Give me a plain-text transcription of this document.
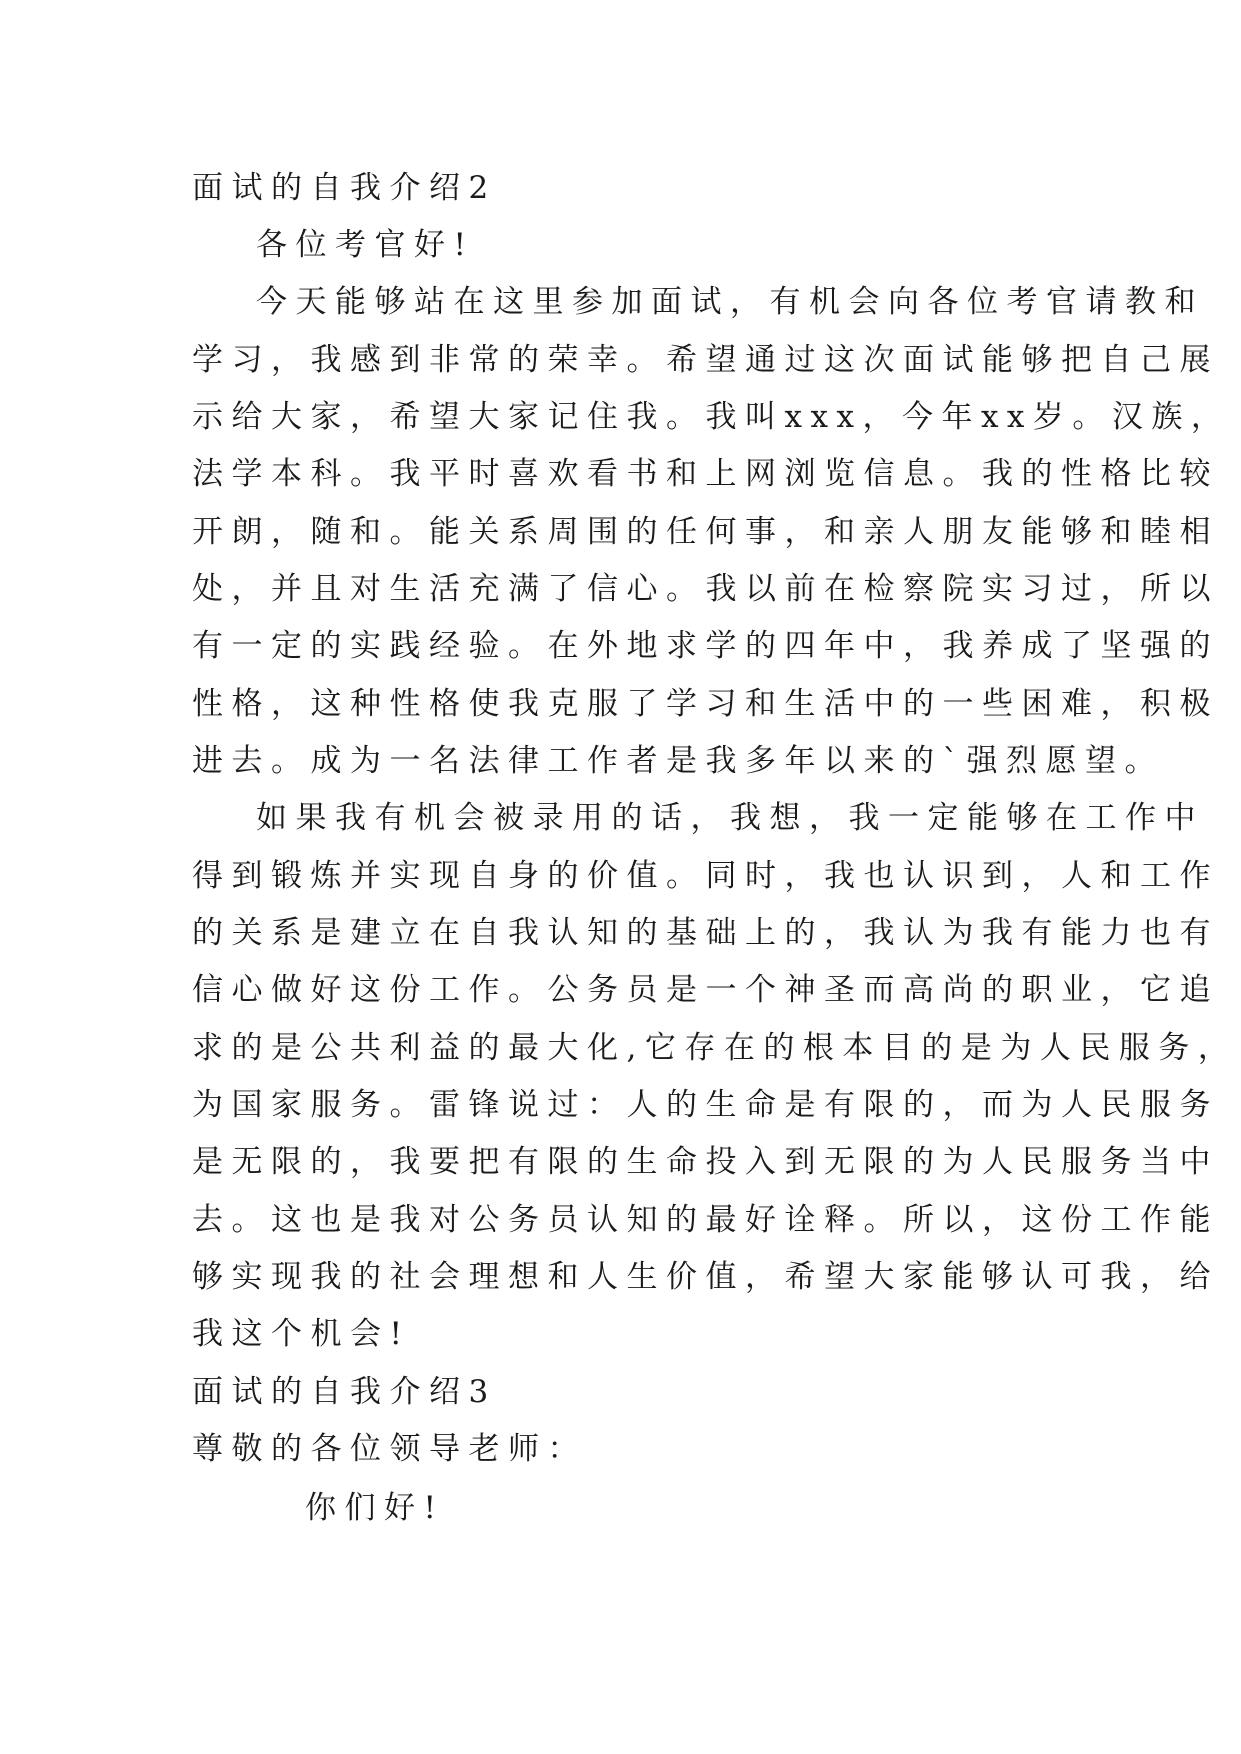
面试的自我介绍2
各位考官好!
今天能够站在这里参加面试，有机会向各位考官请教和
学习，我感到非常的荣幸。希望通过这次面试能够把自己展
示给大家，希望大家记住我。我叫xxx，今年xx岁。汉族，
法学本科。我平时喜欢看书和上网浏览信息。我的性格比较
开朗，随和。能关系周围的任何事，和亲人朋友能够和睦相
处，并且对生活充满了信心。我以前在检察院实习过，所以
有一定的实践经验。在外地求学的四年中，我养成了坚强的
性格，这种性格使我克服了学习和生活中的一些困难，积极
进去。成为一名法律工作者是我多年以来的`强烈愿望。
如果我有机会被录用的话，我想，我一定能够在工作中
得到锻炼并实现自身的价值。同时，我也认识到，人和工作
的关系是建立在自我认知的基础上的，我认为我有能力也有
信心做好这份工作。公务员是一个神圣而高尚的职业，它追
求的是公共利益的最大化,它存在的根本目的是为人民服务，
为国家服务。雷锋说过：人的生命是有限的，而为人民服务
是无限的，我要把有限的生命投入到无限的为人民服务当中
去。这也是我对公务员认知的最好诠释。所以，这份工作能
够实现我的社会理想和人生价值，希望大家能够认可我，给
我这个机会!
面试的自我介绍3
尊敬的各位领导老师：
你们好!
